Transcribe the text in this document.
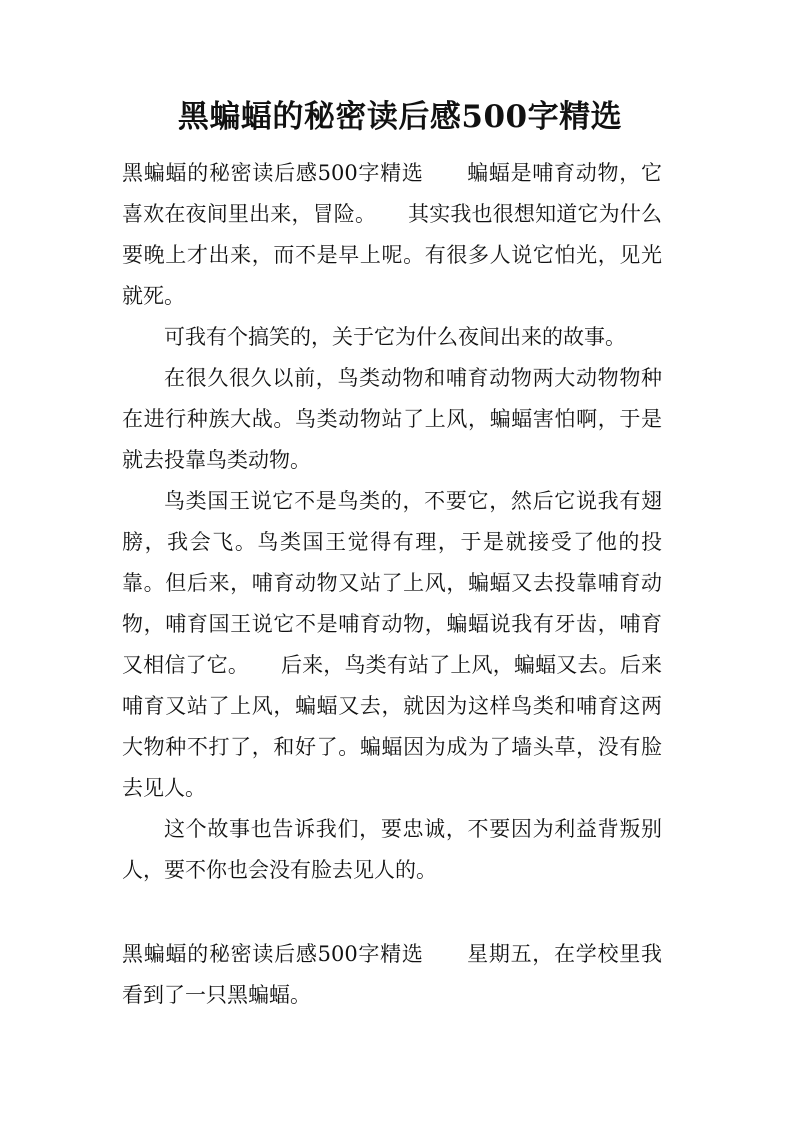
黑蝙蝠的秘密读后感500字精选

黑蝙蝠的秘密读后感500字精选　　蝙蝠是哺育动物，它喜欢在夜间里出来，冒险。　　其实我也很想知道它为什么要晚上才出来，而不是早上呢。有很多人说它怕光，见光就死。

可我有个搞笑的，关于它为什么夜间出来的故事。

在很久很久以前，鸟类动物和哺育动物两大动物物种在进行种族大战。鸟类动物站了上风，蝙蝠害怕啊，于是就去投靠鸟类动物。

鸟类国王说它不是鸟类的，不要它，然后它说我有翅膀，我会飞。鸟类国王觉得有理，于是就接受了他的投靠。但后来，哺育动物又站了上风，蝙蝠又去投靠哺育动物，哺育国王说它不是哺育动物，蝙蝠说我有牙齿，哺育又相信了它。　　后来，鸟类有站了上风，蝙蝠又去。后来哺育又站了上风，蝙蝠又去，就因为这样鸟类和哺育这两大物种不打了，和好了。蝙蝠因为成为了墙头草，没有脸去见人。

这个故事也告诉我们，要忠诚，不要因为利益背叛别人，要不你也会没有脸去见人的。

黑蝙蝠的秘密读后感500字精选　　星期五，在学校里我看到了一只黑蝙蝠。
